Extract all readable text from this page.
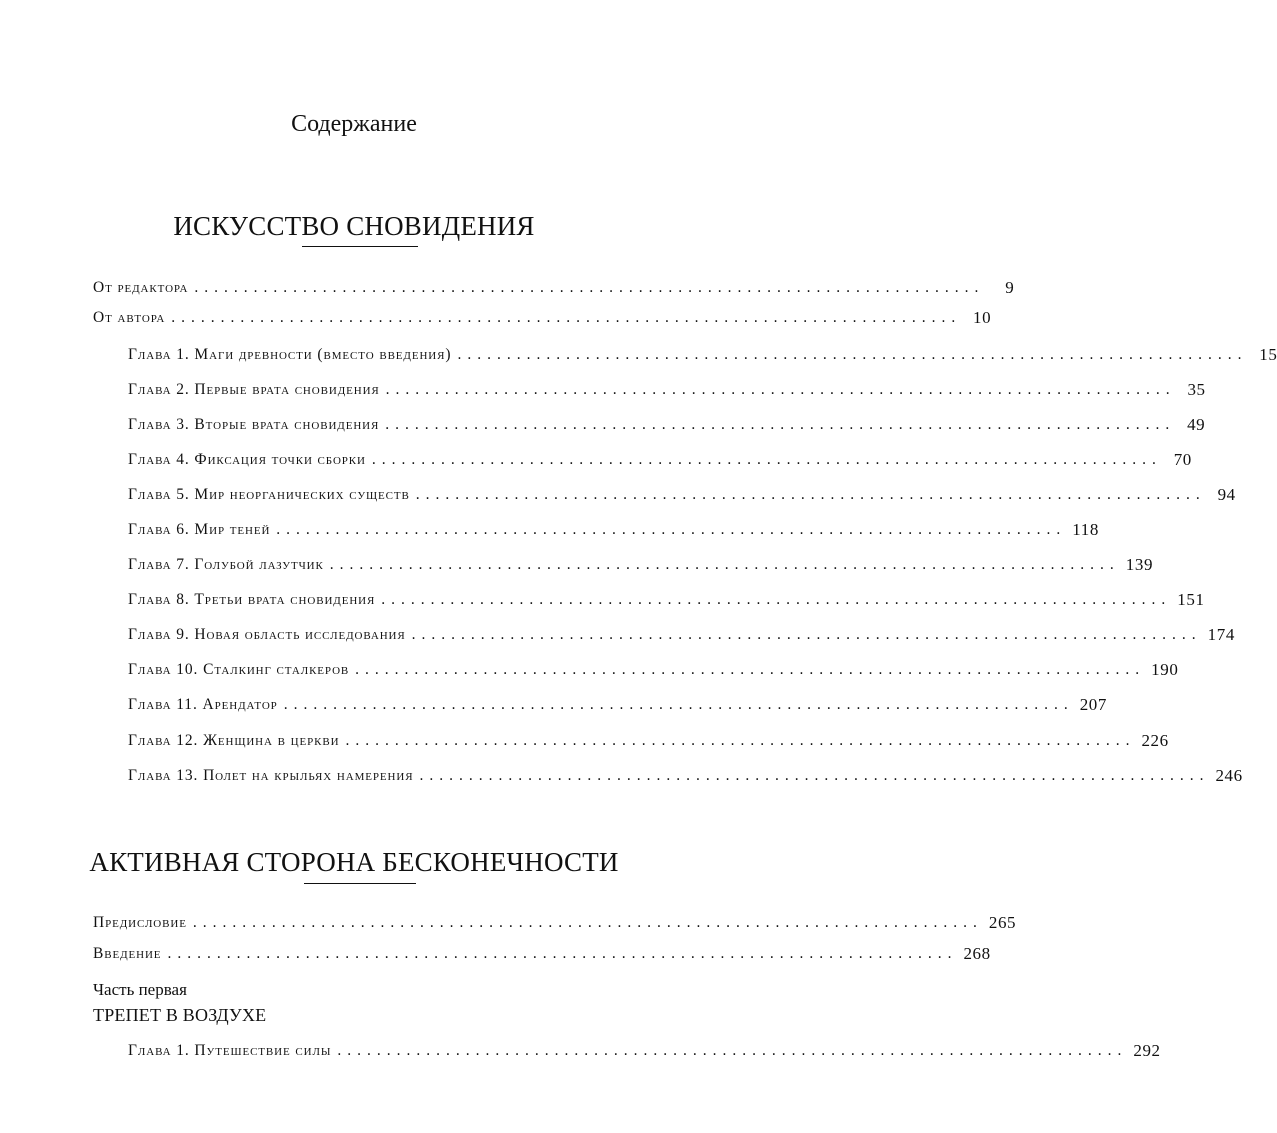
Содержание
ИСКУССТВО СНОВИДЕНИЯ
АКТИВНАЯ СТОРОНА БЕСКОНЕЧНОСТИ
Часть первая
ТРЕПЕТ В ВОЗДУХЕ
От редактора ................................................................................	9
От автора ................................................................................ 10
Глава 1. Маги древности (вместо введения) ................................................................................ 15
Глава 2. Первые врата сновидения ................................................................................ 35
Глава 3. Вторые врата сновидения ................................................................................ 49
Глава 4. Фиксация точки сборки ................................................................................ 70
Глава 5. Мир неорганических существ ................................................................................ 94
Глава 6. Мир теней ................................................................................ 118
Глава 7. Голубой лазутчик ................................................................................ 139
Глава 8. Третьи врата сновидения ................................................................................ 151
Глава 9. Новая область исследования ................................................................................ 174
Глава 10. Сталкинг сталкеров ................................................................................ 190
Глава 11. Арендатор ................................................................................ 207
Глава 12. Женщина в церкви ................................................................................ 226
Глава 13. Полет на крыльях намерения ................................................................................ 246
Предисловие ................................................................................ 265
Введение ................................................................................ 268
Глава 1. Путешествие силы ................................................................................ 292
